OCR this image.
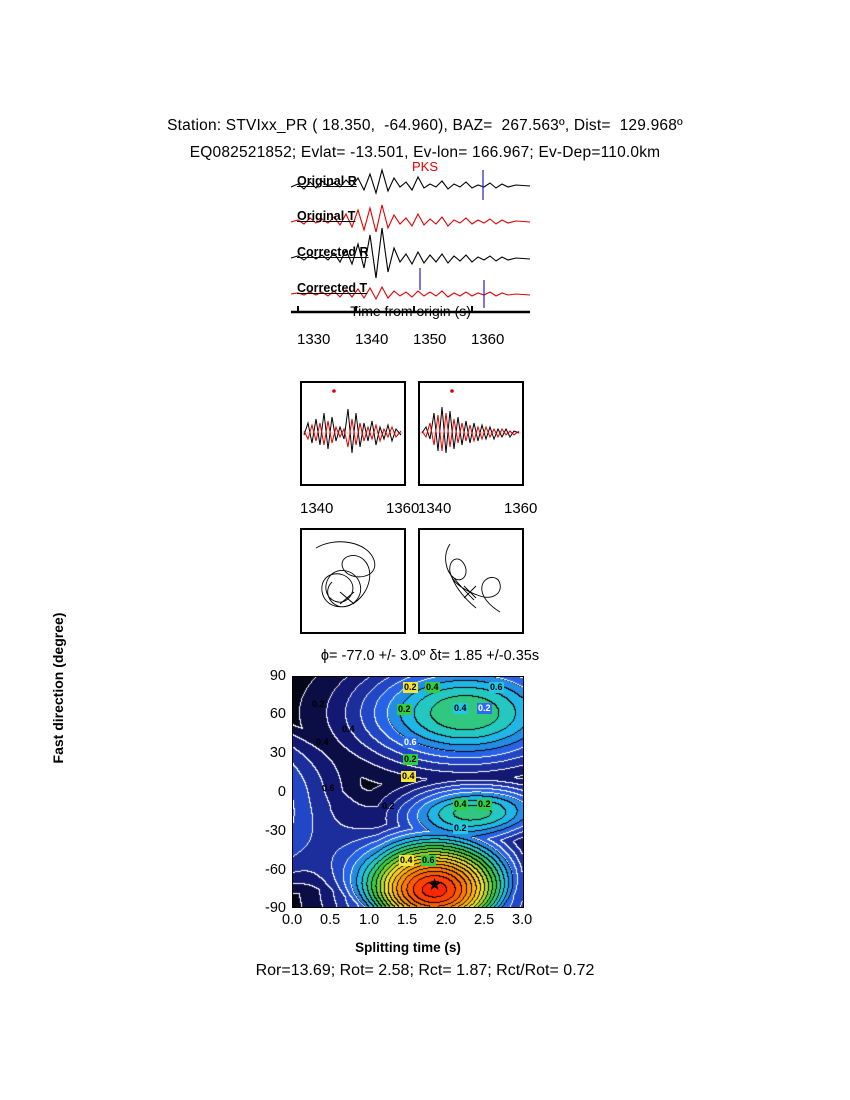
Station: STVIxx_PR ( 18.350,  -64.960), BAZ=  267.563º, Dist=  129.968º
EQ082521852; Evlat= -13.501, Ev-lon= 166.967; Ev-Dep=110.0km
Original R
Original T
Corrected R
Corrected T
PKS
Time from origin (s)
1330 1340 1350 1360
1340	1360
1340	1360
ϕ= -77.0 +/- 3.0º δt= 1.85 +/-0.35s
Fast direction (degree)	90
60
30
0
-30
-60
-90
0.2
0.4
0.2 0.4	0.6
0.2	0.4 0.2
0.4	0.6
0.2
0.4
0.6
0.2	0.4 0.2
0.2
0.4 0.6
★
0.0 0.5 1.0 1.5 2.0 2.5 3.0
Splitting time (s)
Ror=13.69; Rot= 2.58; Rct= 1.87; Rct/Rot= 0.72
